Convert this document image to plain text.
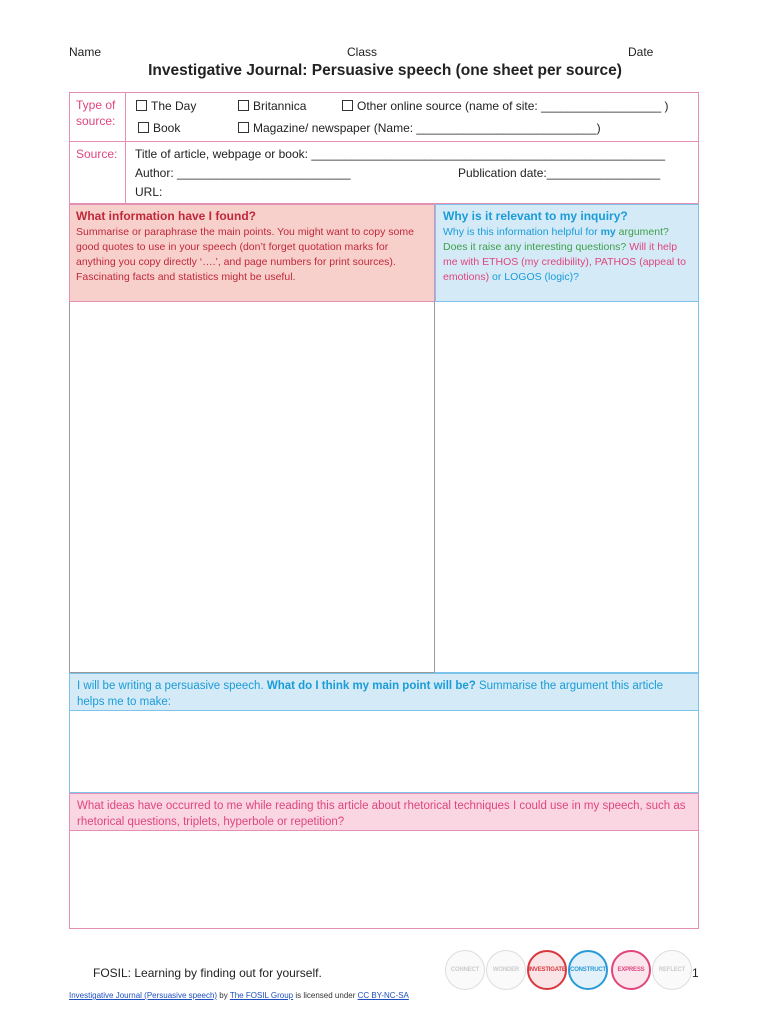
Name	Class	Date
Investigative Journal: Persuasive speech (one sheet per source)
Type of
source:
The Day	Britannica	Other online source (name of site: __________________ )
Book	Magazine/ newspaper (Name: ___________________________)
Source:	Title of article, webpage or book: _____________________________________________________
Author: __________________________	Publication date:_________________
URL:
What information have I found?
Summarise or paraphrase the main points. You might want to copy some good quotes to use in your speech (don’t forget quotation marks for anything you copy directly ‘….’, and page numbers for print sources). Fascinating facts and statistics might be useful.
Why is it relevant to my inquiry?
Why is this information helpful for my argument? Does it raise any interesting questions? Will it help me with ETHOS (my credibility), PATHOS (appeal to emotions) or LOGOS (logic)?
I will be writing a persuasive speech. What do I think my main point will be? Summarise the argument this article helps me to make:
What ideas have occurred to me while reading this article about rhetorical techniques I could use in my speech, such as rhetorical questions, triplets, hyperbole or repetition?
FOSIL: Learning by finding out for yourself.	1
Investigative Journal (Persuasive speech) by The FOSIL Group is licensed under CC BY-NC-SA
CONNECT	WONDER	INVESTIGATE CONSTRUCT	EXPRESS	REFLECT
